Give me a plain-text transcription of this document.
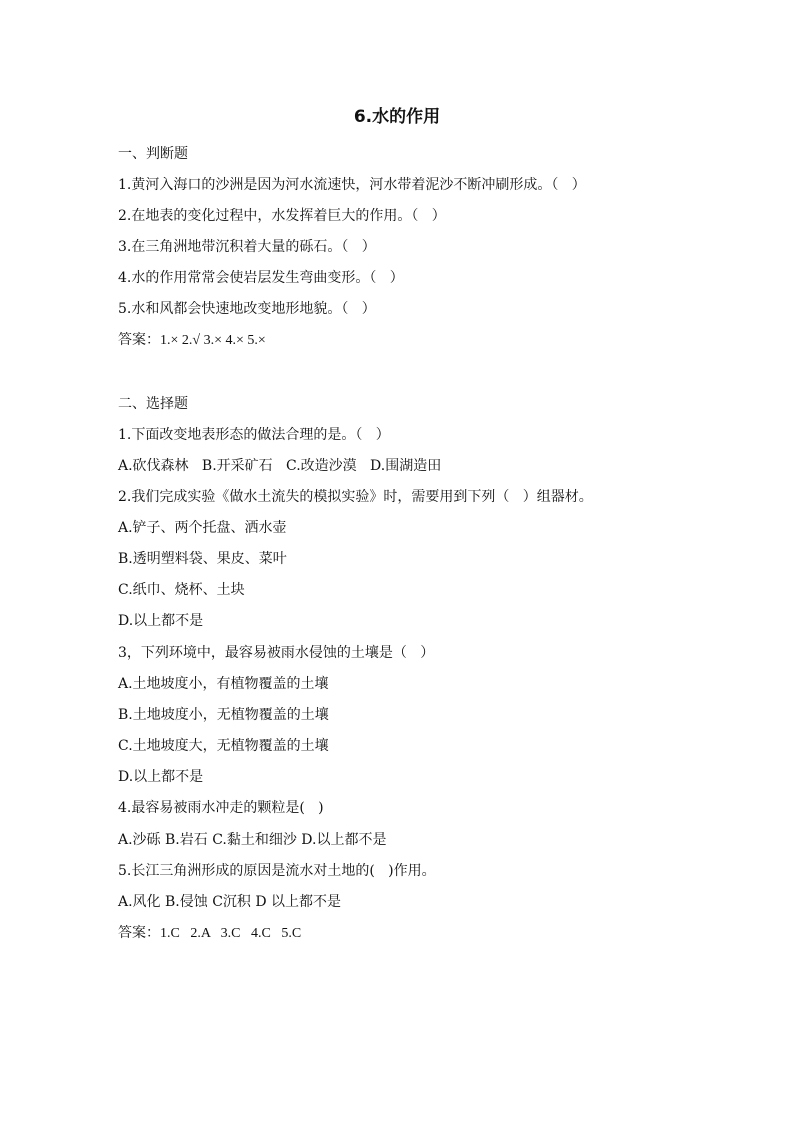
6.水的作用
一、判断题
1.黄河入海口的沙洲是因为河水流速快，河水带着泥沙不断冲刷形成。（   ）
2.在地表的变化过程中，水发挥着巨大的作用。（   ）
3.在三角洲地带沉积着大量的砾石。（   ）
4.水的作用常常会使岩层发生弯曲变形。（   ）
5.水和风都会快速地改变地形地貌。（   ）
答案：1.× 2.√ 3.× 4.× 5.×
二、选择题
1.下面改变地表形态的做法合理的是。（   ）
A.砍伐森林   B.开采矿石   C.改造沙漠   D.围湖造田
2.我们完成实验《做水土流失的模拟实验》时，需要用到下列（   ）组器材。
A.铲子、两个托盘、洒水壶
B.透明塑料袋、果皮、菜叶
C.纸巾、烧杯、土块
D.以上都不是
3，下列环境中，最容易被雨水侵蚀的土壤是（   ）
A.土地坡度小，有植物覆盖的土壤
B.土地坡度小，无植物覆盖的土壤
C.土地坡度大，无植物覆盖的土壤
D.以上都不是
4.最容易被雨水冲走的颗粒是(   )
A.沙砾 B.岩石 C.黏土和细沙 D.以上都不是
5.长江三角洲形成的原因是流水对土地的(   )作用。
A.风化 B.侵蚀 C沉积 D 以上都不是
答案：1.C   2.A   3.C   4.C   5.C
